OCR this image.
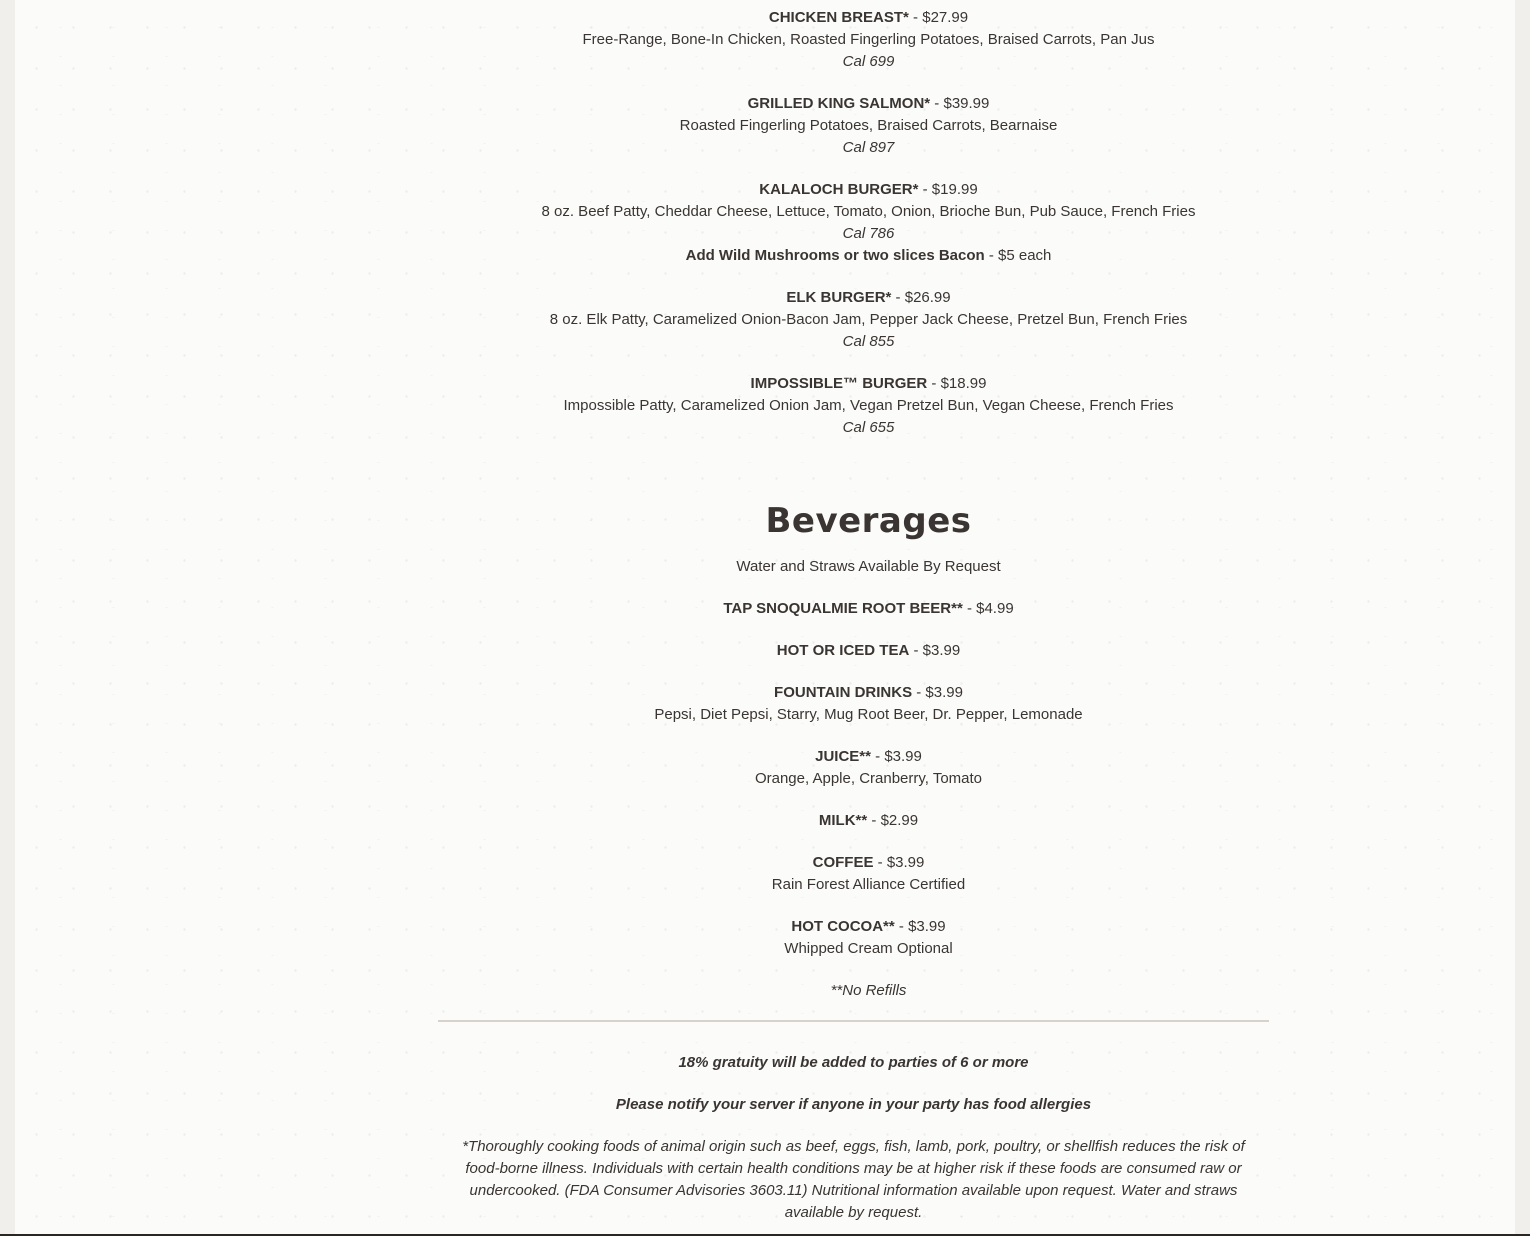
CHICKEN BREAST* - $27.99
Free-Range, Bone-In Chicken, Roasted Fingerling Potatoes, Braised Carrots, Pan Jus
Cal 699
GRILLED KING SALMON* - $39.99
Roasted Fingerling Potatoes, Braised Carrots, Bearnaise
Cal 897
KALALOCH BURGER* - $19.99
8 oz. Beef Patty, Cheddar Cheese, Lettuce, Tomato, Onion, Brioche Bun, Pub Sauce, French Fries
Cal 786
Add Wild Mushrooms or two slices Bacon - $5 each
ELK BURGER* - $26.99
8 oz. Elk Patty, Caramelized Onion-Bacon Jam, Pepper Jack Cheese, Pretzel Bun, French Fries
Cal 855
IMPOSSIBLE™ BURGER - $18.99
Impossible Patty, Caramelized Onion Jam, Vegan Pretzel Bun, Vegan Cheese, French Fries
Cal 655
Beverages
Water and Straws Available By Request
TAP SNOQUALMIE ROOT BEER** - $4.99
HOT OR ICED TEA - $3.99
FOUNTAIN DRINKS - $3.99
Pepsi, Diet Pepsi, Starry, Mug Root Beer, Dr. Pepper, Lemonade
JUICE** - $3.99
Orange, Apple, Cranberry, Tomato
MILK** - $2.99
COFFEE - $3.99
Rain Forest Alliance Certified
HOT COCOA** - $3.99
Whipped Cream Optional
**No Refills
18% gratuity will be added to parties of 6 or more
Please notify your server if anyone in your party has food allergies
*Thoroughly cooking foods of animal origin such as beef, eggs, fish, lamb, pork, poultry, or shellfish reduces the risk of food-borne illness. Individuals with certain health conditions may be at higher risk if these foods are consumed raw or undercooked. (FDA Consumer Advisories 3603.11) Nutritional information available upon request. Water and straws available by request.
